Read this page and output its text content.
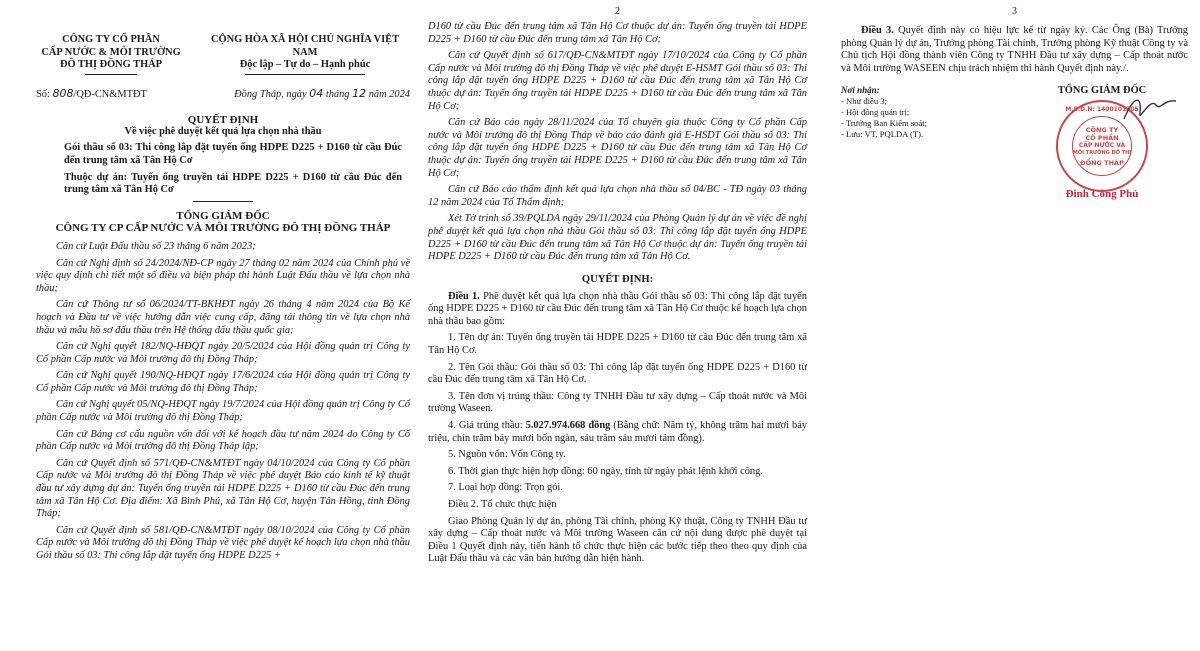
CÔNG TY CỔ PHẦN
CẤP NƯỚC & MÔI TRƯỜNG
ĐÔ THỊ ĐỒNG THÁP
CỘNG HÒA XÃ HỘI CHỦ NGHĨA VIỆT NAM
Độc lập – Tự do – Hạnh phúc
Số: 808/QĐ-CN&MTĐT	Đồng Tháp, ngày 04 tháng 12 năm 2024
QUYẾT ĐỊNH
Về việc phê duyệt kết quả lựa chọn nhà thầu

Gói thầu số 03: Thi công lắp đặt tuyến ống HDPE D225 + D160 từ cầu Đúc đến trung tâm xã Tân Hộ Cơ

Thuộc dự án: Tuyến ống truyền tải HDPE D225 + D160 từ cầu Đúc đến trung tâm xã Tân Hộ Cơ

TỔNG GIÁM ĐỐC
CÔNG TY CP CẤP NƯỚC VÀ MÔI TRƯỜNG ĐÔ THỊ ĐỒNG THÁP

Căn cứ Luật Đấu thầu số 23 tháng 6 năm 2023;

Căn cứ Nghị định số 24/2024/NĐ-CP ngày 27 tháng 02 năm 2024 của Chính phủ về việc quy định chi tiết một số điều và biện pháp thi hành Luật Đấu thầu về lựa chọn nhà thầu;

Căn cứ Thông tư số 06/2024/TT-BKHĐT ngày 26 tháng 4 năm 2024 của Bộ Kế hoạch và Đầu tư về việc hướng dẫn việc cung cấp, đăng tải thông tin về lựa chọn nhà thầu và mẫu hồ sơ đấu thầu trên Hệ thống đấu thầu quốc gia;

Căn cứ Nghị quyết 182/NQ-HĐQT ngày 20/5/2024 của Hội đồng quản trị Công ty Cổ phần Cấp nước và Môi trường đô thị Đồng Tháp;

Căn cứ Nghị quyết 190/NQ-HĐQT ngày 17/6/2024 của Hội đồng quản trị Công ty Cổ phần Cấp nước và Môi trường đô thị Đồng Tháp;

Căn cứ Nghị quyết 05/NQ-HĐQT ngày 19/7/2024 của Hội đồng quản trị Công ty Cổ phần Cấp nước và Môi trường đô thị Đồng Tháp;

Căn cứ Bảng cơ cấu nguồn vốn đối với kế hoạch đầu tư năm 2024 do Công ty Cổ phần Cấp nước và Môi trường đô thị Đồng Tháp lập;

Căn cứ Quyết định số 571/QĐ-CN&MTĐT ngày 04/10/2024 của Công ty Cổ phần Cấp nước và Môi trường đô thị Đồng Tháp về việc phê duyệt Báo cáo kinh tế kỹ thuật đầu tư xây dựng dự án: Tuyến ống truyền tải HDPE D225 + D160 từ cầu Đúc đến trung tâm xã Tân Hộ Cơ. Địa điểm: Xã Bình Phú, xã Tân Hộ Cơ, huyện Tân Hồng, tỉnh Đồng Tháp;

Căn cứ Quyết định số 581/QĐ-CN&MTĐT ngày 08/10/2024 của Công ty Cổ phần Cấp nước và Môi trường đô thị Đồng Tháp về việc phê duyệt kế hoạch lựa chọn nhà thầu Gói thầu số 03: Thi công lắp đặt tuyến ống HDPE D225 +

2

D160 từ cầu Đúc đến trung tâm xã Tân Hộ Cơ thuộc dự án: Tuyến ống truyền tải HDPE D225 + D160 từ cầu Đúc đến trung tâm xã Tân Hộ Cơ;

Căn cứ Quyết định số 617/QĐ-CN&MTĐT ngày 17/10/2024 của Công ty Cổ phần Cấp nước và Môi trường đô thị Đồng Tháp về việc phê duyệt E-HSMT Gói thầu số 03: Thi công lắp đặt tuyến ống HDPE D225 + D160 từ cầu Đúc đến trung tâm xã Tân Hộ Cơ thuộc dự án: Tuyến ống truyền tải HDPE D225 + D160 từ cầu Đúc đến trung tâm xã Tân Hộ Cơ;

Căn cứ Báo cáo ngày 28/11/2024 của Tổ chuyên gia thuộc Công ty Cổ phần Cấp nước và Môi trường đô thị Đồng Tháp về báo cáo đánh giá E-HSDT Gói thầu số 03: Thi công lắp đặt tuyến ống HDPE D225 + D160 từ cầu Đúc đến trung tâm xã Tân Hộ Cơ thuộc dự án: Tuyến ống truyền tải HDPE D225 + D160 từ cầu Đúc đến trung tâm xã Tân Hộ Cơ;

Căn cứ Báo cáo thẩm định kết quả lựa chọn nhà thầu số 04/BC - TĐ ngày 03 tháng 12 năm 2024 của Tổ Thẩm định;

Xét Tờ trình số 39/PQLDA ngày 29/11/2024 của Phòng Quản lý dự án về việc đề nghị phê duyệt kết quả lựa chọn nhà thầu Gói thầu số 03: Thi công lắp đặt tuyến ống HDPE D225 + D160 từ cầu Đúc đến trung tâm xã Tân Hộ Cơ thuộc dự án: Tuyến ống truyền tải HDPE D225 + D160 từ cầu Đúc đến trung tâm xã Tân Hộ Cơ.

QUYẾT ĐỊNH:

Điều 1. Phê duyệt kết quả lựa chọn nhà thầu Gói thầu số 03: Thi công lắp đặt tuyến ống HDPE D225 + D160 từ cầu Đúc đến trung tâm xã Tân Hộ Cơ thuộc kế hoạch lựa chọn nhà thầu bao gồm:

1. Tên dự án: Tuyến ống truyền tải HDPE D225 + D160 từ cầu Đúc đến trung tâm xã Tân Hộ Cơ.

2. Tên Gói thầu: Gói thầu số 03: Thi công lắp đặt tuyến ống HDPE D225 + D160 từ cầu Đúc đến trung tâm xã Tân Hộ Cơ.

3. Tên đơn vị trúng thầu: Công ty TNHH Đầu tư xây dựng – Cấp thoát nước và Môi trường Waseen.

4. Giá trúng thầu: 5.027.974.668 đồng (Bằng chữ: Năm tỷ, không trăm hai mươi bảy triệu, chín trăm bảy mươi bốn ngàn, sáu trăm sáu mươi tám đồng).

5. Nguồn vốn: Vốn Công ty.

6. Thời gian thực hiện hợp đồng: 60 ngày, tính từ ngày phát lệnh khởi công.

7. Loại hợp đồng: Trọn gói.

Điều 2. Tổ chức thực hiện

Giao Phòng Quản lý dự án, phòng Tài chính, phòng Kỹ thuật, Công ty TNHH Đầu tư xây dựng – Cấp thoát nước và Môi trường Waseen căn cứ nội dung được phê duyệt tại Điều 1 Quyết định này, tiến hành tổ chức thực hiện các bước tiếp theo theo quy định của Luật Đấu thầu và các văn bản hướng dẫn hiện hành.

3

Điều 3. Quyết định này có hiệu lực kể từ ngày ký. Các Ông (Bà) Trưởng phòng Quản lý dự án, Trưởng phòng Tài chính, Trưởng phòng Kỹ thuật Công ty và Chủ tịch Hội đồng thành viên Công ty TNHH Đầu tư xây dựng – Cấp thoát nước và Môi trường WASEEN chịu trách nhiệm thi hành Quyết định này./.

Nơi nhận:
- Như điều 3;
- Hội đồng quản trị;
- Trưởng Ban Kiểm soát;
- Lưu: VT, PQLDA (T).
TỔNG GIÁM ĐỐC
M.S.D.N: 1400101205
CÔNG TY
CỔ PHẦN
CẤP NƯỚC VÀ
MÔI TRƯỜNG ĐÔ THỊ
ĐỒNG THÁP
Đinh Công Phủ
